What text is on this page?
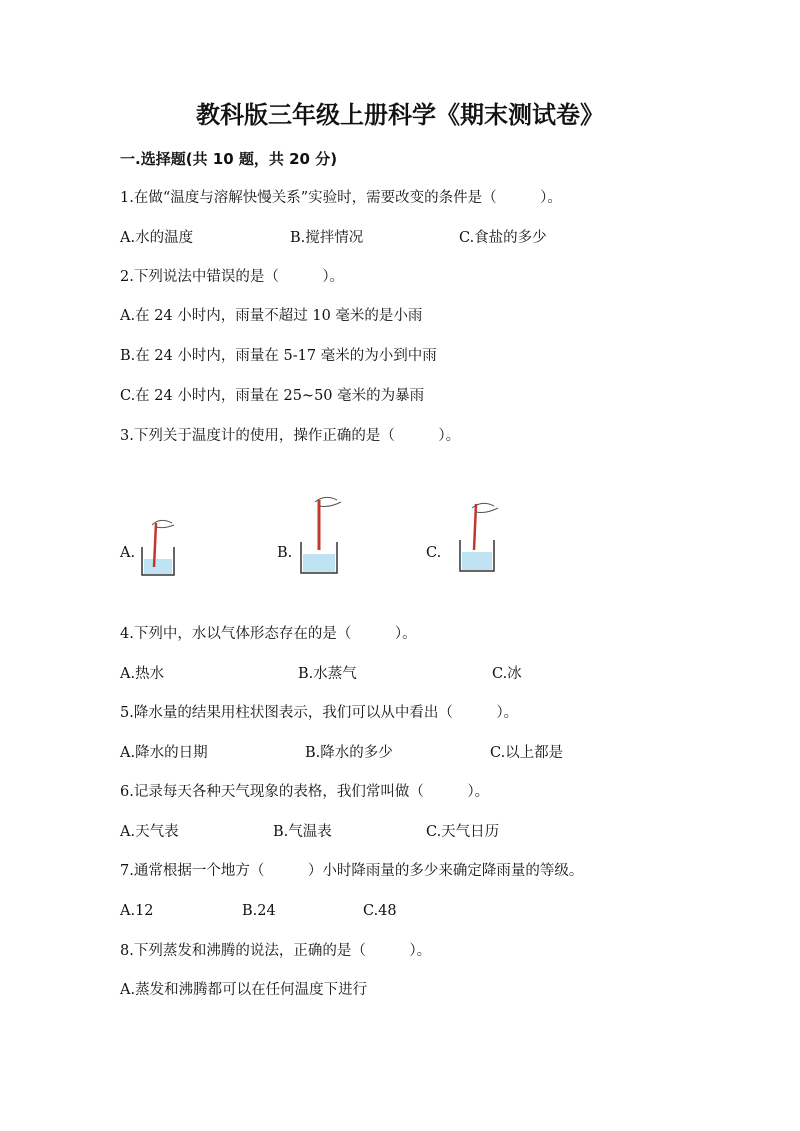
教科版三年级上册科学《期末测试卷》
一.选择题(共 10 题，共 20 分)
1.在做“温度与溶解快慢关系”实验时，需要改变的条件是（　　　）。
A.水的温度	B.搅拌情况	C.食盐的多少
2.下列说法中错误的是（　　　）。
A.在 24 小时内，雨量不超过 10 毫米的是小雨
B.在 24 小时内，雨量在 5-17 毫米的为小到中雨
C.在 24 小时内，雨量在 25~50 毫米的为暴雨
3.下列关于温度计的使用，操作正确的是（　　　）。
A.	B.	C.
4.下列中，水以气体形态存在的是（　　　）。
A.热水	B.水蒸气	C.冰
5.降水量的结果用柱状图表示，我们可以从中看出（　　　）。
A.降水的日期	B.降水的多少	C.以上都是
6.记录每天各种天气现象的表格，我们常叫做（　　　）。
A.天气表	B.气温表	C.天气日历
7.通常根据一个地方（　　　）小时降雨量的多少来确定降雨量的等级。
A.12	B.24	C.48
8.下列蒸发和沸腾的说法，正确的是（　　　）。
A.蒸发和沸腾都可以在任何温度下进行
